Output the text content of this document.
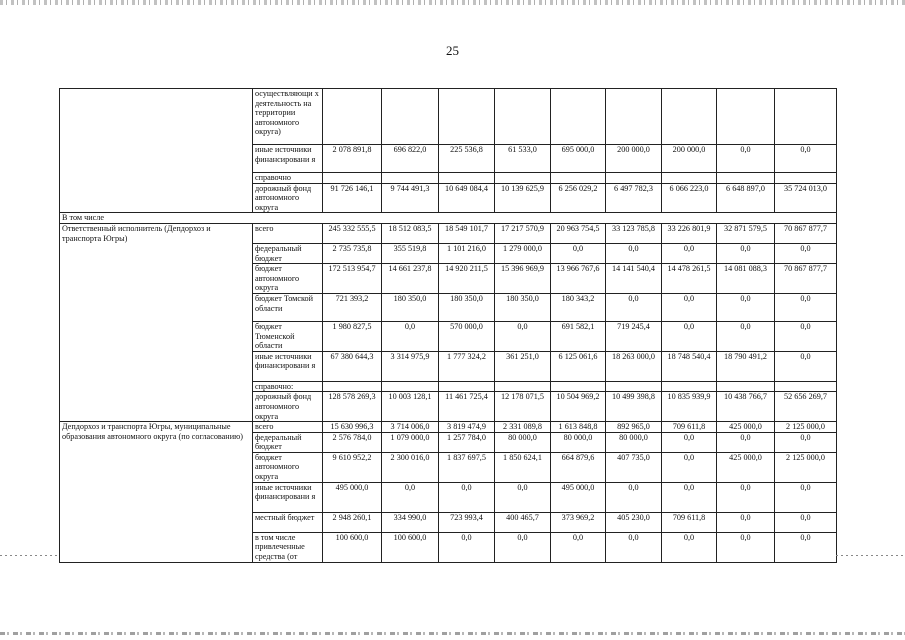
25
	осуществляющи х деятельность на территории автономного округа)									
	иные источники финансировани я	2 078 891,8	696 822,0	225 536,8	61 533,0	695 000,0	200 000,0	200 000,0	0,0	0,0
	справочно									
	дорожный фонд автономного округа	91 726 146,1	9 744 491,3	10 649 084,4	10 139 625,9	6 256 029,2	6 497 782,3	6 066 223,0	6 648 897,0	35 724 013,0
В том числе										
Ответственный исполнитель (Депдорхоз и транспорта Югры)	всего	245 332 555,5	18 512 083,5	18 549 101,7	17 217 570,9	20 963 754,5	33 123 785,8	33 226 801,9	32 871 579,5	70 867 877,7
	федеральный бюджет	2 735 735,8	355 519,8	1 101 216,0	1 279 000,0	0,0	0,0	0,0	0,0	0,0
	бюджет автономного округа	172 513 954,7	14 661 237,8	14 920 211,5	15 396 969,9	13 966 767,6	14 141 540,4	14 478 261,5	14 081 088,3	70 867 877,7
	бюджет Томской области	721 393,2	180 350,0	180 350,0	180 350,0	180 343,2	0,0	0,0	0,0	0,0
	бюджет Тюменской области	1 980 827,5	0,0	570 000,0	0,0	691 582,1	719 245,4	0,0	0,0	0,0
	иные источники финансировани я	67 380 644,3	3 314 975,9	1 777 324,2	361 251,0	6 125 061,6	18 263 000,0	18 748 540,4	18 790 491,2	0,0
	справочно:									
	дорожный фонд автономного округа	128 578 269,3	10 003 128,1	11 461 725,4	12 178 071,5	10 504 969,2	10 499 398,8	10 835 939,9	10 438 766,7	52 656 269,7
Депдорхоз и транспорта Югры, муниципальные образования автономного округа (по согласованию)	всего	15 630 996,3	3 714 006,0	3 819 474,9	2 331 089,8	1 613 848,8	892 965,0	709 611,8	425 000,0	2 125 000,0
	федеральный бюджет	2 576 784,0	1 079 000,0	1 257 784,0	80 000,0	80 000,0	80 000,0	0,0	0,0	0,0
	бюджет автономного округа	9 610 952,2	2 300 016,0	1 837 697,5	1 850 624,1	664 879,6	407 735,0	0,0	425 000,0	2 125 000,0
	иные источники финансировани я	495 000,0	0,0	0,0	0,0	495 000,0	0,0	0,0	0,0	0,0
	местный бюджет	2 948 260,1	334 990,0	723 993,4	400 465,7	373 969,2	405 230,0	709 611,8	0,0	0,0
	в том числе привлеченные средства (от	100 600,0	100 600,0	0,0	0,0	0,0	0,0	0,0	0,0	0,0
